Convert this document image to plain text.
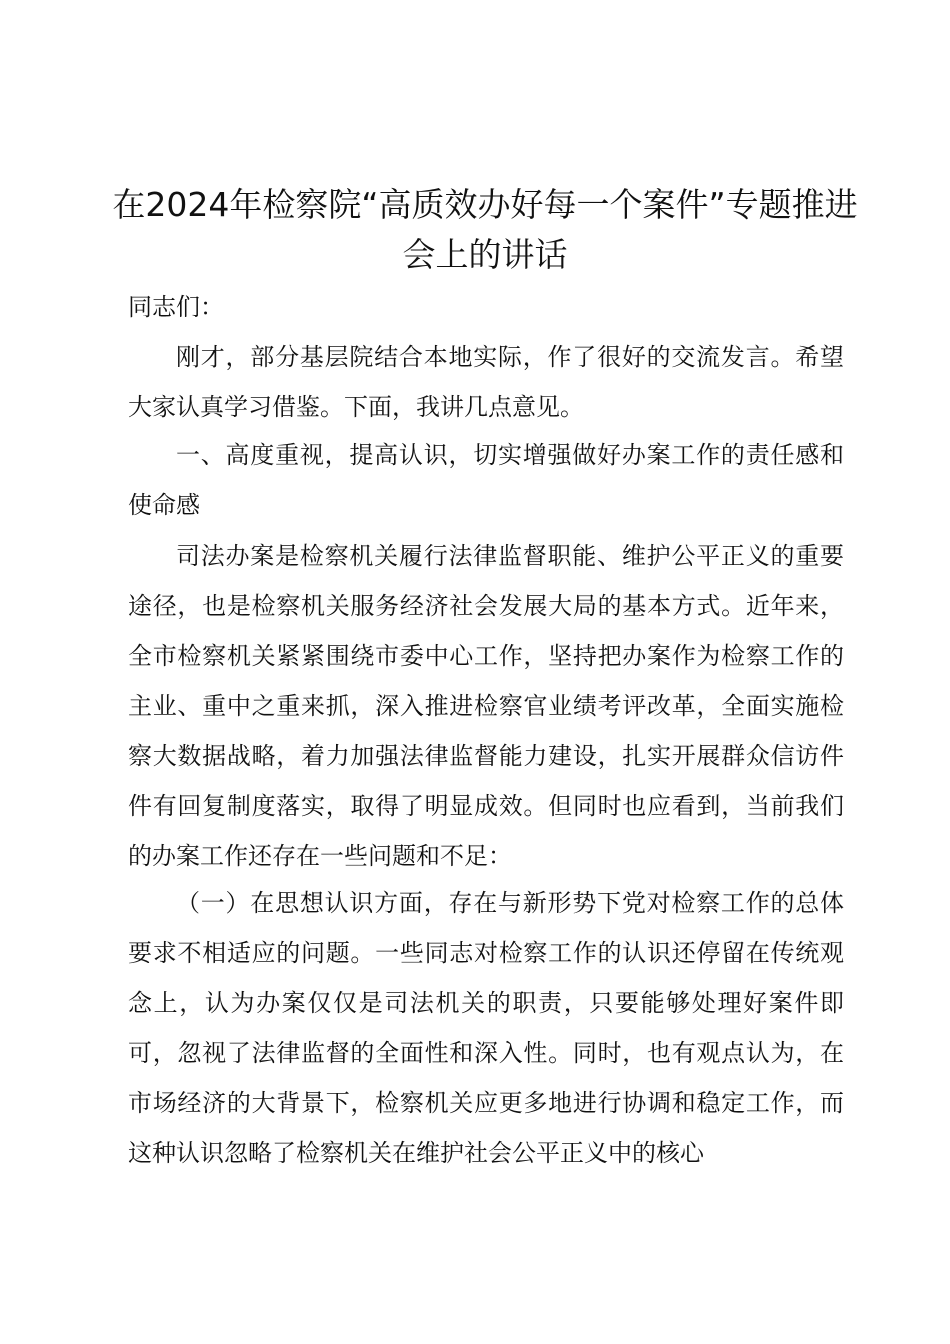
在2024年检察院“高质效办好每一个案件”专题推进会上的讲话
同志们：
刚才，部分基层院结合本地实际，作了很好的交流发言。希望大家认真学习借鉴。下面，我讲几点意见。
一、高度重视，提高认识，切实增强做好办案工作的责任感和使命感
司法办案是检察机关履行法律监督职能、维护公平正义的重要途径，也是检察机关服务经济社会发展大局的基本方式。近年来，全市检察机关紧紧围绕市委中心工作，坚持把办案作为检察工作的主业、重中之重来抓，深入推进检察官业绩考评改革，全面实施检察大数据战略，着力加强法律监督能力建设，扎实开展群众信访件件有回复制度落实，取得了明显成效。但同时也应看到，当前我们的办案工作还存在一些问题和不足：
（一）在思想认识方面，存在与新形势下党对检察工作的总体要求不相适应的问题。一些同志对检察工作的认识还停留在传统观念上，认为办案仅仅是司法机关的职责，只要能够处理好案件即可，忽视了法律监督的全面性和深入性。同时，也有观点认为，在市场经济的大背景下，检察机关应更多地进行协调和稳定工作，而这种认识忽略了检察机关在维护社会公平正义中的核心
